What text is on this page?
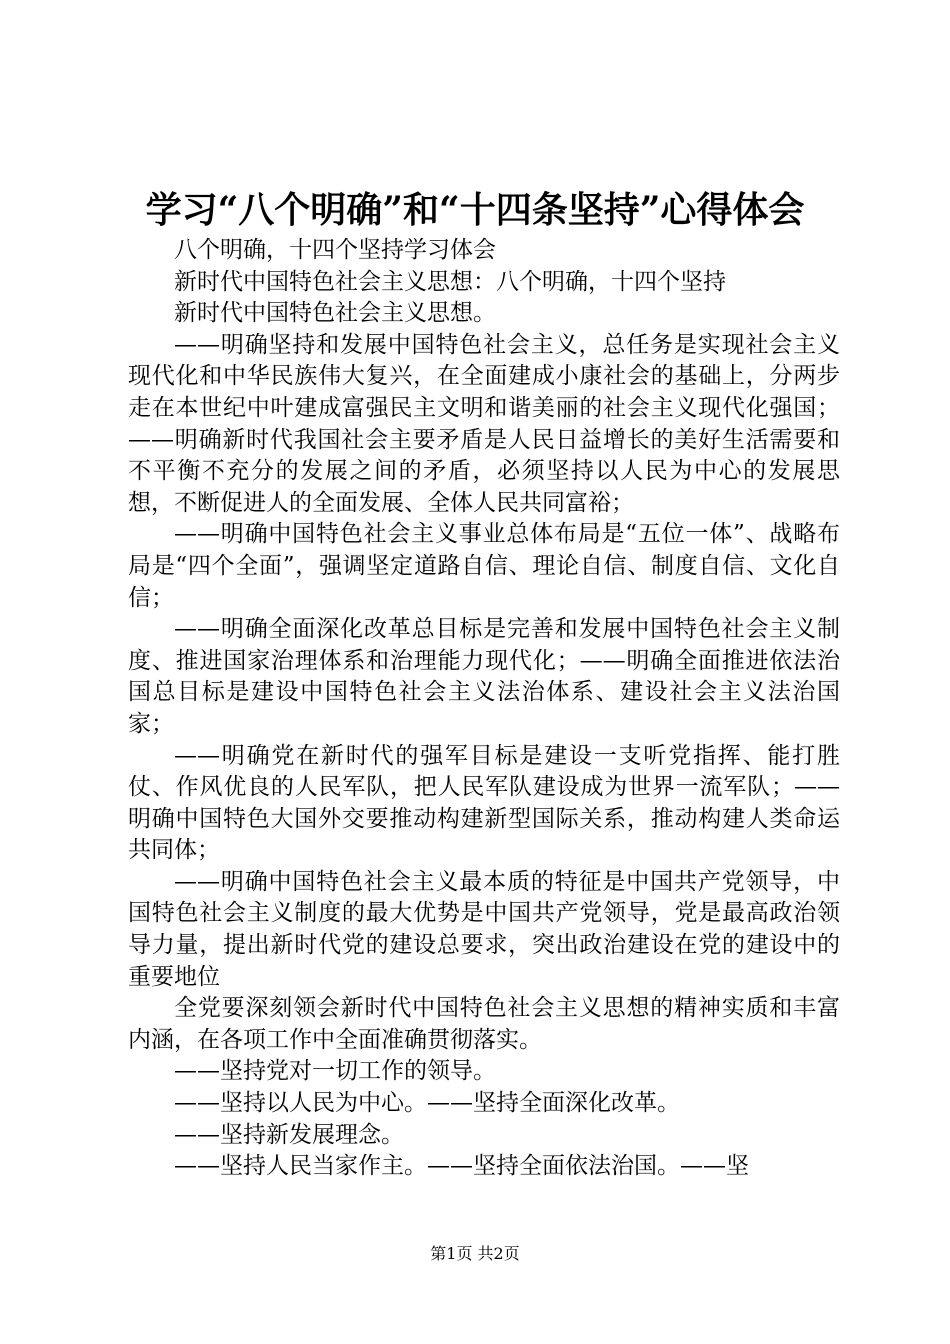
学习“八个明确”和“十四条坚持”心得体会

八个明确，十四个坚持学习体会

新时代中国特色社会主义思想：八个明确，十四个坚持

新时代中国特色社会主义思想。

——明确坚持和发展中国特色社会主义，总任务是实现社会主义现代化和中华民族伟大复兴，在全面建成小康社会的基础上，分两步走在本世纪中叶建成富强民主文明和谐美丽的社会主义现代化强国；——明确新时代我国社会主要矛盾是人民日益增长的美好生活需要和不平衡不充分的发展之间的矛盾，必须坚持以人民为中心的发展思想，不断促进人的全面发展、全体人民共同富裕；

——明确中国特色社会主义事业总体布局是“五位一体”、战略布局是“四个全面”，强调坚定道路自信、理论自信、制度自信、文化自信；

——明确全面深化改革总目标是完善和发展中国特色社会主义制度、推进国家治理体系和治理能力现代化；——明确全面推进依法治国总目标是建设中国特色社会主义法治体系、建设社会主义法治国家；

——明确党在新时代的强军目标是建设一支听党指挥、能打胜仗、作风优良的人民军队，把人民军队建设成为世界一流军队；——明确中国特色大国外交要推动构建新型国际关系，推动构建人类命运共同体；

——明确中国特色社会主义最本质的特征是中国共产党领导，中国特色社会主义制度的最大优势是中国共产党领导，党是最高政治领导力量，提出新时代党的建设总要求，突出政治建设在党的建设中的重要地位

全党要深刻领会新时代中国特色社会主义思想的精神实质和丰富内涵，在各项工作中全面准确贯彻落实。

——坚持党对一切工作的领导。

——坚持以人民为中心。——坚持全面深化改革。

——坚持新发展理念。

——坚持人民当家作主。——坚持全面依法治国。——坚

第1页 共2页
